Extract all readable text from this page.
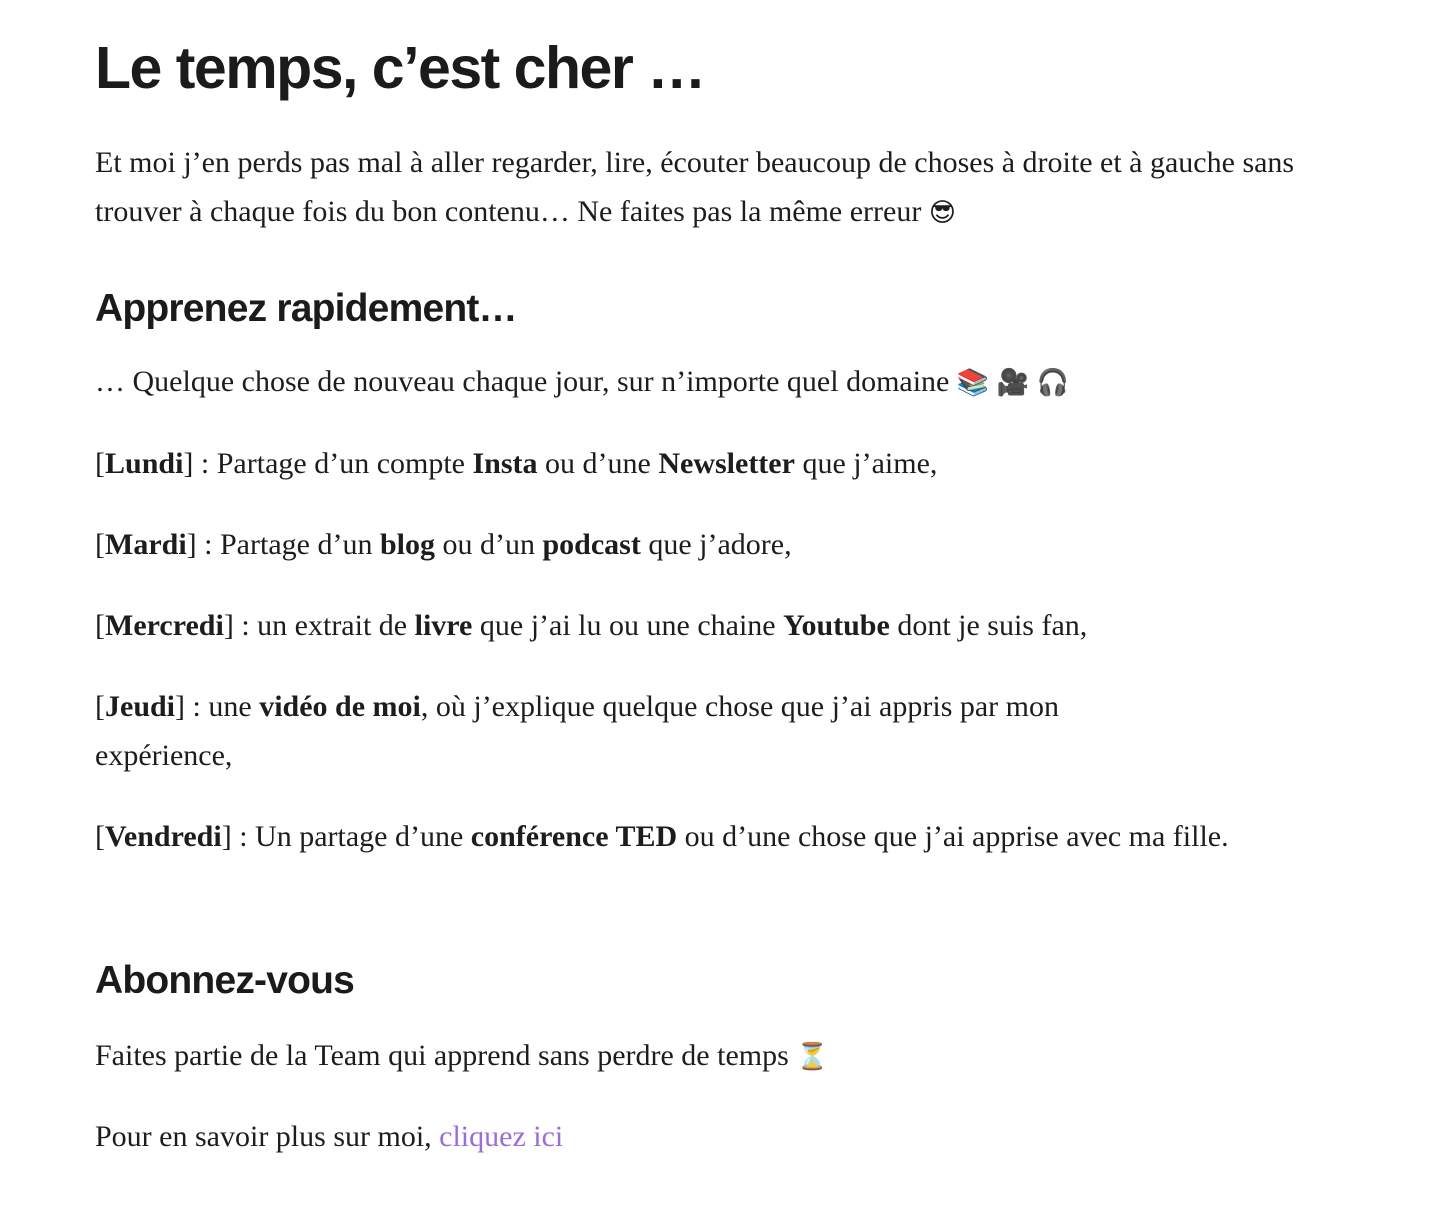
Le temps, c’est cher …

Et moi j’en perds pas mal à aller regarder, lire, écouter beaucoup de choses à droite et à gauche sans trouver à chaque fois du bon contenu… Ne faites pas la même erreur 😎

Apprenez rapidement…

… Quelque chose de nouveau chaque jour, sur n’importe quel domaine 📚 🎥 🎧

[Lundi] : Partage d’un compte Insta ou d’une Newsletter que j’aime,

[Mardi] : Partage d’un blog ou d’un podcast que j’adore,

[Mercredi] : un extrait de livre que j’ai lu ou une chaine Youtube dont je suis fan,

[Jeudi] : une vidéo de moi, où j’explique quelque chose que j’ai appris par mon expérience,

[Vendredi] : Un partage d’une conférence TED ou d’une chose que j’ai apprise avec ma fille.

Abonnez-vous

Faites partie de la Team qui apprend sans perdre de temps ⏳

Pour en savoir plus sur moi, cliquez ici
